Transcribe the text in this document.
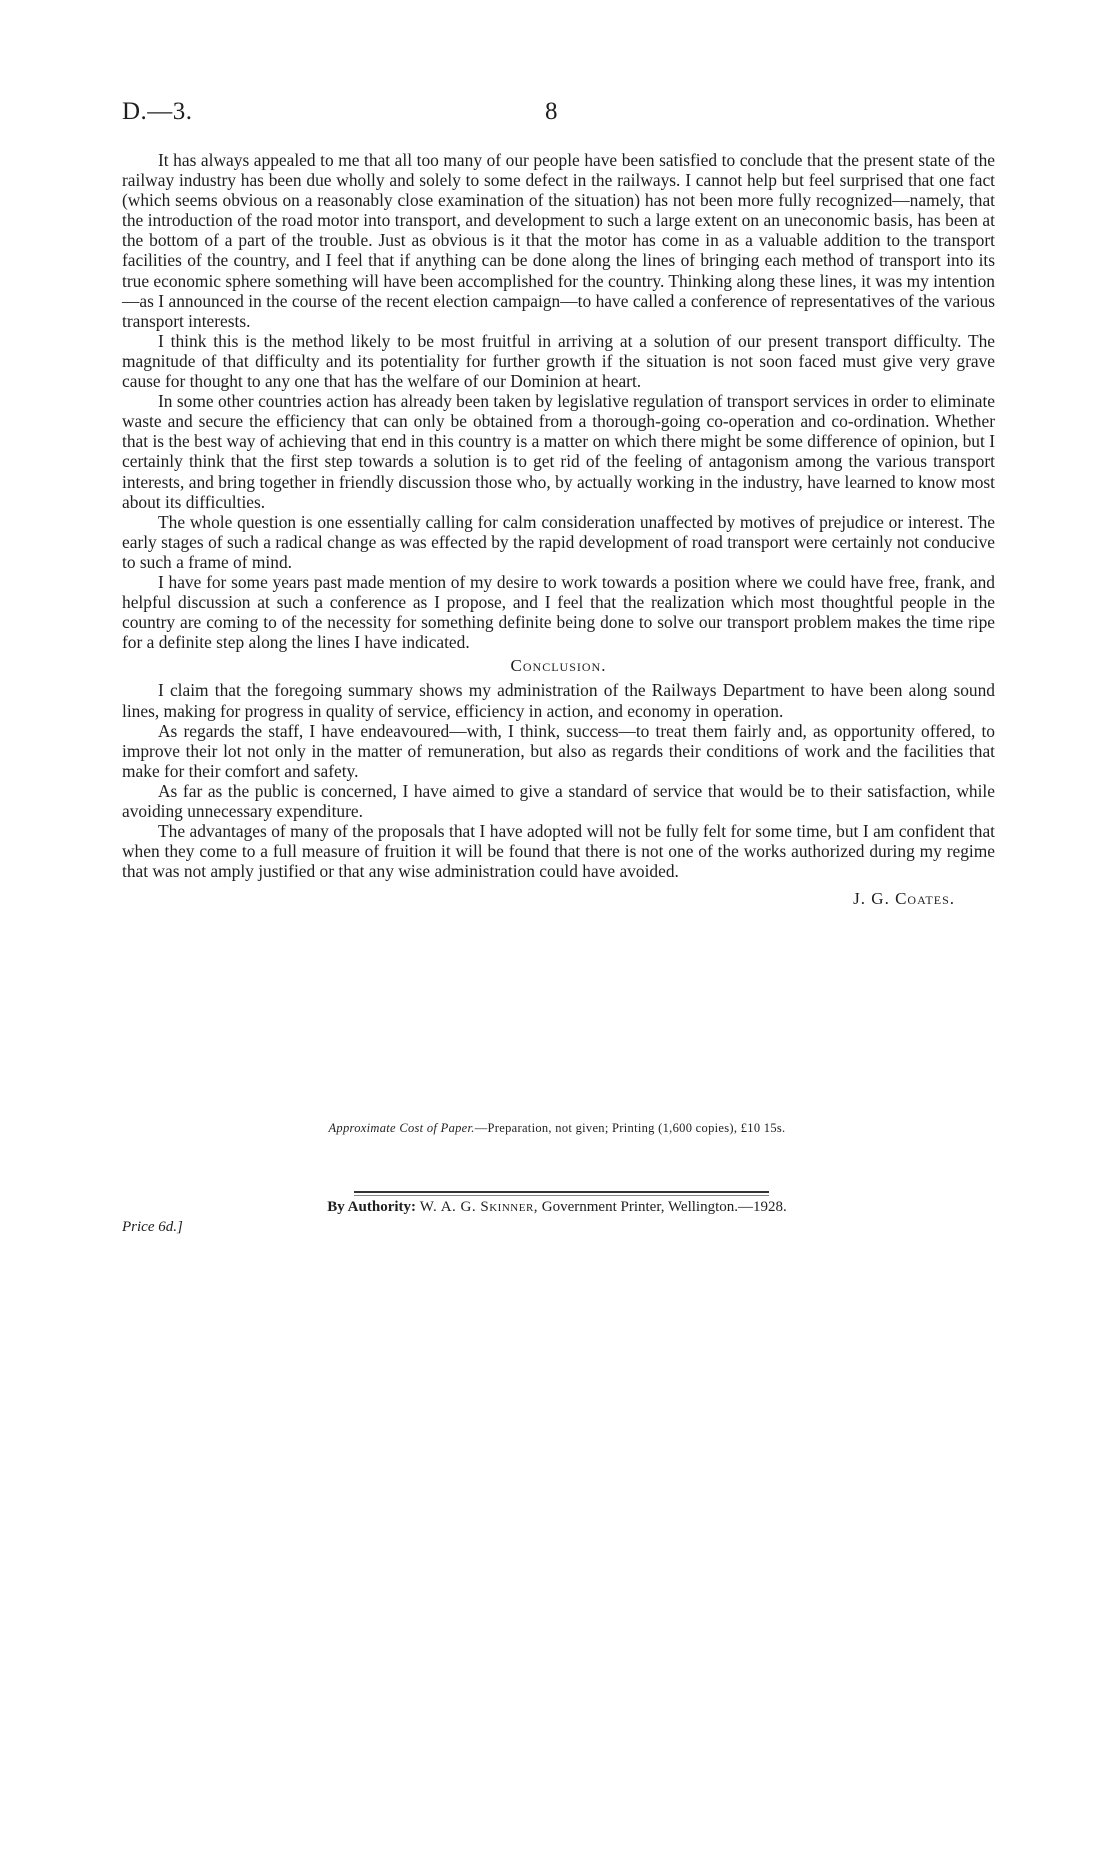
D.—3.	8

It has always appealed to me that all too many of our people have been satisfied to conclude that the present state of the railway industry has been due wholly and solely to some defect in the railways. I cannot help but feel surprised that one fact (which seems obvious on a reasonably close examination of the situation) has not been more fully recognized—namely, that the introduction of the road motor into transport, and development to such a large extent on an uneconomic basis, has been at the bottom of a part of the trouble. Just as obvious is it that the motor has come in as a valuable addition to the transport facilities of the country, and I feel that if anything can be done along the lines of bringing each method of transport into its true economic sphere something will have been accomplished for the country. Thinking along these lines, it was my intention—as I announced in the course of the recent election campaign—to have called a conference of representatives of the various transport interests.

I think this is the method likely to be most fruitful in arriving at a solution of our present transport difficulty. The magnitude of that difficulty and its potentiality for further growth if the situation is not soon faced must give very grave cause for thought to any one that has the welfare of our Dominion at heart.

In some other countries action has already been taken by legislative regulation of transport services in order to eliminate waste and secure the efficiency that can only be obtained from a thorough-going co-operation and co-ordination. Whether that is the best way of achieving that end in this country is a matter on which there might be some difference of opinion, but I certainly think that the first step towards a solution is to get rid of the feeling of antagonism among the various transport interests, and bring together in friendly discussion those who, by actually working in the industry, have learned to know most about its difficulties.

The whole question is one essentially calling for calm consideration unaffected by motives of prejudice or interest. The early stages of such a radical change as was effected by the rapid development of road transport were certainly not conducive to such a frame of mind.

I have for some years past made mention of my desire to work towards a position where we could have free, frank, and helpful discussion at such a conference as I propose, and I feel that the realization which most thoughtful people in the country are coming to of the necessity for something definite being done to solve our transport problem makes the time ripe for a definite step along the lines I have indicated.

Conclusion.

I claim that the foregoing summary shows my administration of the Railways Department to have been along sound lines, making for progress in quality of service, efficiency in action, and economy in operation.

As regards the staff, I have endeavoured—with, I think, success—to treat them fairly and, as opportunity offered, to improve their lot not only in the matter of remuneration, but also as regards their conditions of work and the facilities that make for their comfort and safety.

As far as the public is concerned, I have aimed to give a standard of service that would be to their satisfaction, while avoiding unnecessary expenditure.

The advantages of many of the proposals that I have adopted will not be fully felt for some time, but I am confident that when they come to a full measure of fruition it will be found that there is not one of the works authorized during my regime that was not amply justified or that any wise administration could have avoided.

J. G. Coates.
Approximate Cost of Paper.—Preparation, not given; Printing (1,600 copies), £10 15s.
By Authority: W. A. G. Skinner, Government Printer, Wellington.—1928.
Price 6d.]
